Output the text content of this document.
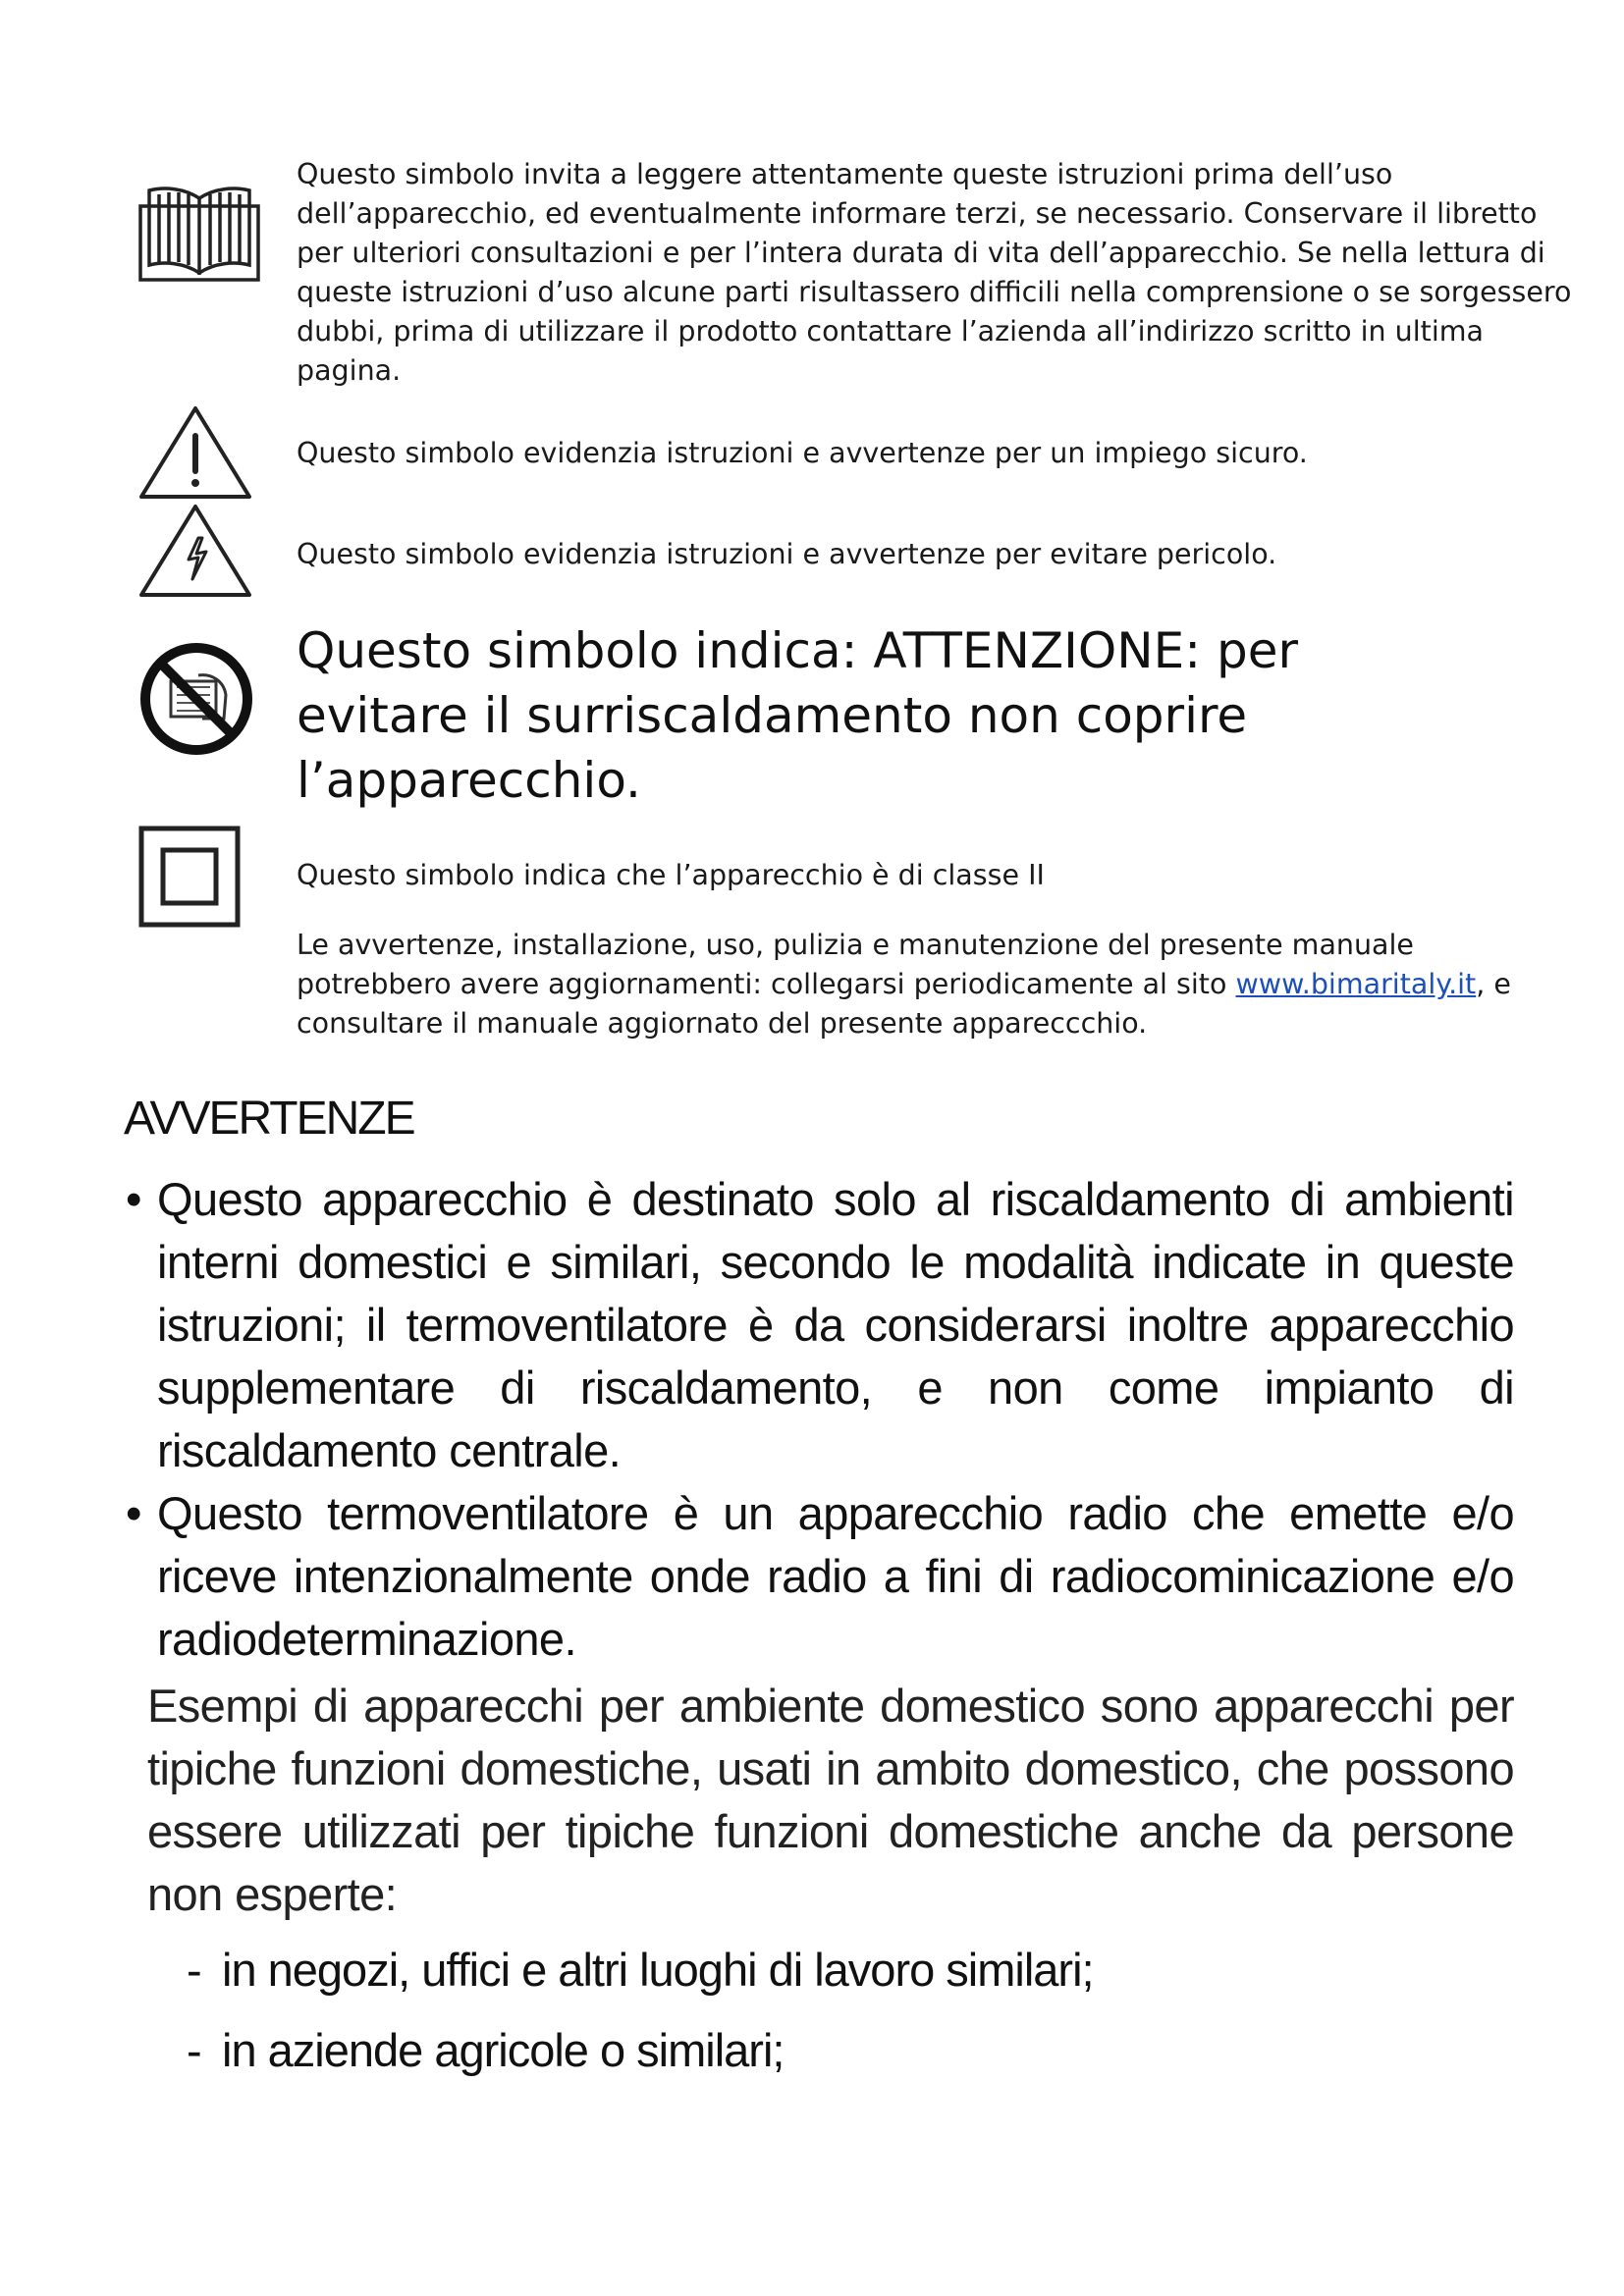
Questo simbolo invita a leggere attentamente queste istruzioni prima dell’uso dell’apparecchio, ed eventualmente informare terzi, se necessario. Conservare il libretto per ulteriori consultazioni e per l’intera durata di vita dell’apparecchio. Se nella lettura di queste istruzioni d’uso alcune parti risultassero difficili nella comprensione o se sorgessero dubbi, prima di utilizzare il prodotto contattare l’azienda all’indirizzo scritto in ultima pagina.

Questo simbolo evidenzia istruzioni e avvertenze per un impiego sicuro.

Questo simbolo evidenzia istruzioni e avvertenze per evitare pericolo.

Questo simbolo indica: ATTENZIONE: per evitare il surriscaldamento non coprire l’apparecchio.

Questo simbolo indica che l’apparecchio è di classe II

Le avvertenze, installazione, uso, pulizia e manutenzione del presente manuale potrebbero avere aggiornamenti: collegarsi periodicamente al sito www.bimaritaly.it, e consultare il manuale aggiornato del presente appareccchio.

AVVERTENZE

• Questo apparecchio è destinato solo al riscaldamento di ambienti interni domestici e similari, secondo le modalità indicate in queste istruzioni; il termoventilatore è da considerarsi inoltre apparecchio supplementare di riscaldamento, e non come impianto di riscaldamento centrale.

• Questo termoventilatore è un apparecchio radio che emette e/o riceve intenzionalmente onde radio a fini di radiocominicazione e/o radiodeterminazione.

Esempi di apparecchi per ambiente domestico sono apparecchi per tipiche funzioni domestiche, usati in ambito domestico, che possono essere utilizzati per tipiche funzioni domestiche anche da persone non esperte:

- in negozi, uffici e altri luoghi di lavoro similari;

- in aziende agricole o similari;
